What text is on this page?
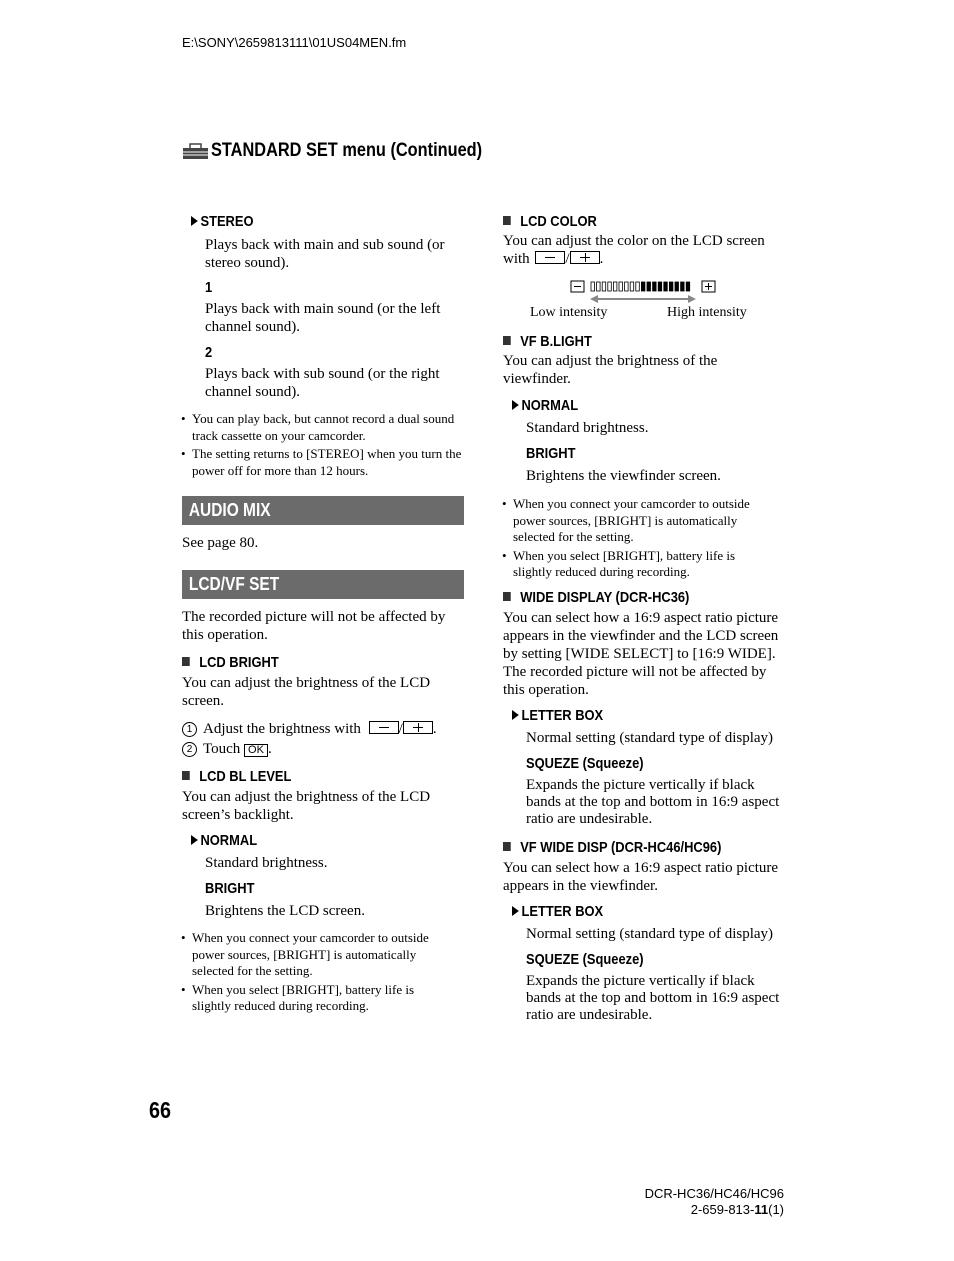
E:\SONY\2659813111\01US04MEN.fm
STANDARD SET menu (Continued)
STEREO
Plays back with main and sub sound (or stereo sound).
1
Plays back with main sound (or the left channel sound).
2
Plays back with sub sound (or the right channel sound).
• You can play back, but cannot record a dual sound track cassette on your camcorder.
• The setting returns to [STEREO] when you turn the power off for more than 12 hours.
AUDIO MIX
See page 80.
LCD/VF SET
The recorded picture will not be affected by this operation.
LCD BRIGHT
You can adjust the brightness of the LCD screen.
1 Adjust the brightness with	/ .
2 Touch OK .
LCD BL LEVEL
You can adjust the brightness of the LCD screen’s backlight.
NORMAL
Standard brightness.
BRIGHT
Brightens the LCD screen.
• When you connect your camcorder to outside power sources, [BRIGHT] is automatically selected for the setting.
• When you select [BRIGHT], battery life is slightly reduced during recording.
LCD COLOR
You can adjust the color on the LCD screen with / .
Low intensity	High intensity
VF B.LIGHT
You can adjust the brightness of the viewfinder.
NORMAL
Standard brightness.
BRIGHT
Brightens the viewfinder screen.
• When you connect your camcorder to outside power sources, [BRIGHT] is automatically selected for the setting.
• When you select [BRIGHT], battery life is slightly reduced during recording.
WIDE DISPLAY (DCR-HC36)
You can select how a 16:9 aspect ratio picture appears in the viewfinder and the LCD screen by setting [WIDE SELECT] to [16:9 WIDE]. The recorded picture will not be affected by this operation.
LETTER BOX
Normal setting (standard type of display)
SQUEZE (Squeeze)
Expands the picture vertically if black bands at the top and bottom in 16:9 aspect ratio are undesirable.
VF WIDE DISP (DCR-HC46/HC96)
You can select how a 16:9 aspect ratio picture appears in the viewfinder.
LETTER BOX
Normal setting (standard type of display)
SQUEZE (Squeeze)
Expands the picture vertically if black bands at the top and bottom in 16:9 aspect ratio are undesirable.
66
DCR-HC36/HC46/HC96
2-659-813-11(1)
